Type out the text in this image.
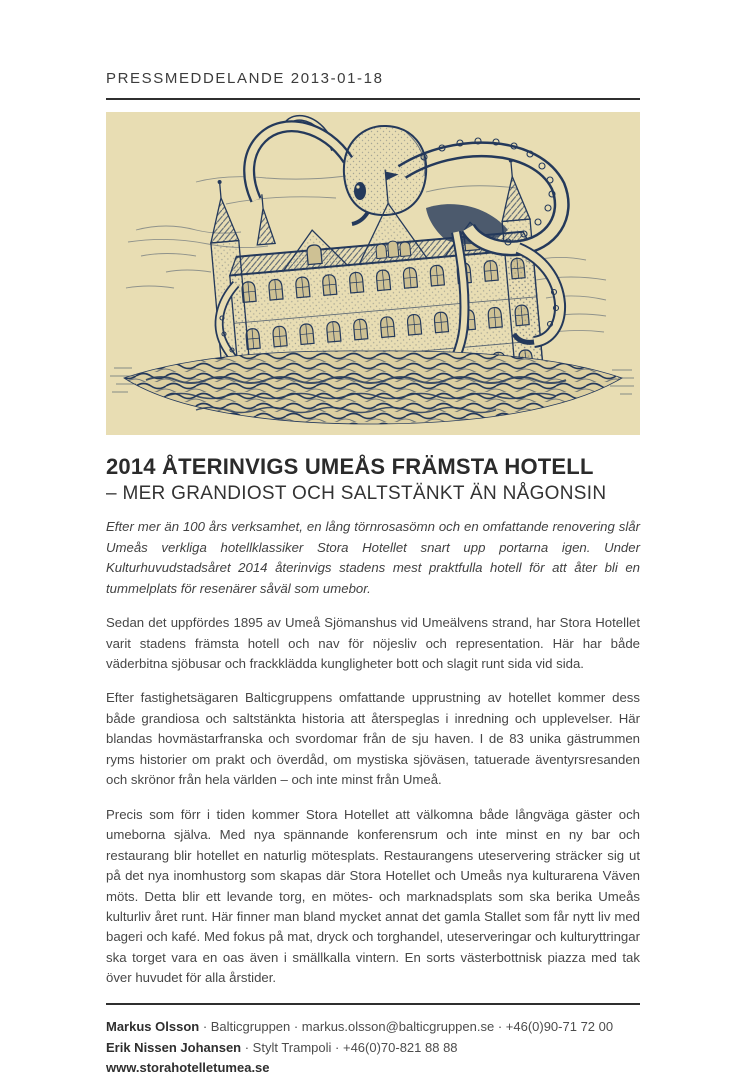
PRESSMEDDELANDE 2013-01-18
2014 ÅTERINVIGS UMEÅS FRÄMSTA HOTELL
– MER GRANDIOST OCH SALTSTÄNKT ÄN NÅGONSIN

Efter mer än 100 års verksamhet, en lång törnrosasömn och en omfattande renovering slår Umeås verkliga hotellklassiker Stora Hotellet snart upp portarna igen. Under Kulturhuvudstadsåret 2014 återinvigs stadens mest praktfulla hotell för att åter bli en tummelplats för resenärer såväl som umebor.

Sedan det uppfördes 1895 av Umeå Sjömanshus vid Umeälvens strand, har Stora Hotellet varit stadens främsta hotell och nav för nöjesliv och representation. Här har både väderbitna sjöbusar och frackklädda kungligheter bott och slagit runt sida vid sida.

Efter fastighetsägaren Balticgruppens omfattande upprustning av hotellet kommer dess både grandiosa och saltstänkta historia att återspeglas i inredning och upplevelser. Här blandas hovmästarfranska och svordomar från de sju haven. I de 83 unika gästrummen ryms historier om prakt och överdåd, om mystiska sjöväsen, tatuerade äventyrsresanden och skrönor från hela världen – och inte minst från Umeå.

Precis som förr i tiden kommer Stora Hotellet att välkomna både långväga gäster och umeborna själva. Med nya spännande konferensrum och inte minst en ny bar och restaurang blir hotellet en naturlig mötesplats. Restaurangens uteservering sträcker sig ut på det nya inomhustorg som skapas där Stora Hotellet och Umeås nya kulturarena Väven möts. Detta blir ett levande torg, en mötes- och marknadsplats som ska berika Umeås kulturliv året runt. Här finner man bland mycket annat det gamla Stallet som får nytt liv med bageri och kafé. Med fokus på mat, dryck och torghandel, uteserveringar och kulturyttringar ska torget vara en oas även i smällkalla vintern. En sorts västerbottnisk piazza med tak över huvudet för alla årstider.

Markus Olsson · Balticgruppen · markus.olsson@balticgruppen.se · +46(0)90-71 72 00

Erik Nissen Johansen · Stylt Trampoli · +46(0)70-821 88 88

www.storahotelletumea.se
